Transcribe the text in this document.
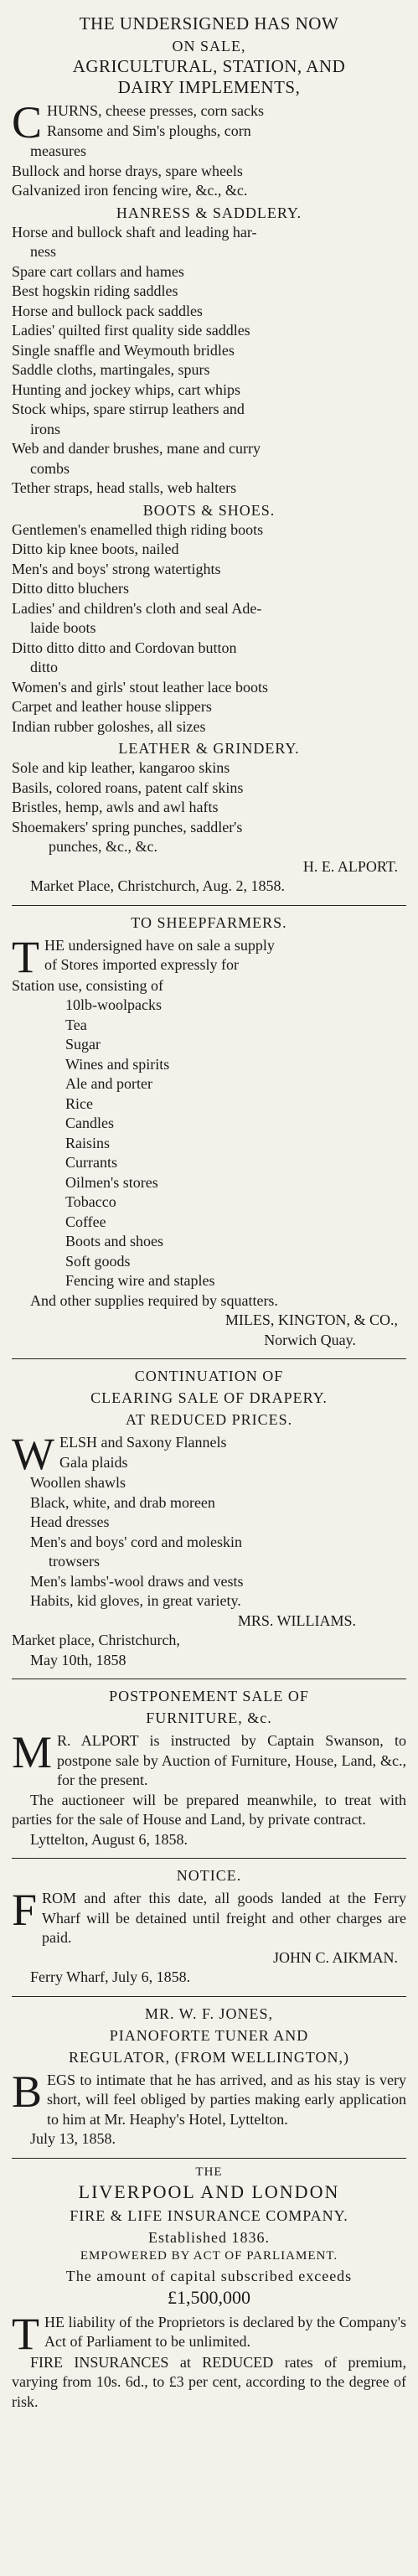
THE UNDERSIGNED HAS NOW
ON SALE,
AGRICULTURAL, STATION, AND
DAIRY IMPLEMENTS,
C HURNS, cheese presses, corn sacks
Ransome and Sim's ploughs, corn
measures
Bullock and horse drays, spare wheels
Galvanized iron fencing wire, &c., &c.
HANRESS & SADDLERY.
Horse and bullock shaft and leading har-
ness
Spare cart collars and hames
Best hogskin riding saddles
Horse and bullock pack saddles
Ladies' quilted first quality side saddles
Single snaffle and Weymouth bridles
Saddle cloths, martingales, spurs
Hunting and jockey whips, cart whips
Stock whips, spare stirrup leathers and
irons
Web and dander brushes, mane and curry
combs
Tether straps, head stalls, web halters
BOOTS & SHOES.
Gentlemen's enamelled thigh riding boots
Ditto kip knee boots, nailed
Men's and boys' strong watertights
Ditto ditto bluchers
Ladies' and children's cloth and seal Ade-
laide boots
Ditto ditto ditto and Cordovan button
ditto
Women's and girls' stout leather lace boots
Carpet and leather house slippers
Indian rubber goloshes, all sizes
LEATHER & GRINDERY.
Sole and kip leather, kangaroo skins
Basils, colored roans, patent calf skins
Bristles, hemp, awls and awl hafts
Shoemakers' spring punches, saddler's
punches, &c., &c.
H. E. ALPORT.
Market Place, Christchurch, Aug. 2, 1858.
TO SHEEPFARMERS.
T HE undersigned have on sale a supply
of Stores imported expressly for
Station use, consisting of
10lb-woolpacks
Tea
Sugar
Wines and spirits
Ale and porter
Rice
Candles
Raisins
Currants
Oilmen's stores
Tobacco
Coffee
Boots and shoes
Soft goods
Fencing wire and staples
And other supplies required by squatters.
MILES, KINGTON, & CO.,
Norwich Quay.
CONTINUATION OF
CLEARING SALE OF DRAPERY.
AT REDUCED PRICES.
W ELSH and Saxony Flannels
Gala plaids
Woollen shawls
Black, white, and drab moreen
Head dresses
Men's and boys' cord and moleskin
trowsers
Men's lambs'-wool draws and vests
Habits, kid gloves, in great variety.
MRS. WILLIAMS.
Market place, Christchurch,
May 10th, 1858
POSTPONEMENT SALE OF
FURNITURE, &c.
M R. ALPORT is instructed by Captain Swanson, to postpone sale by Auction of Furniture, House, Land, &c., for the present.
The auctioneer will be prepared meanwhile, to treat with parties for the sale of House and Land, by private contract.
Lyttelton, August 6, 1858.
NOTICE.
F ROM and after this date, all goods landed at the Ferry Wharf will be detained until freight and other charges are paid.
JOHN C. AIKMAN.
Ferry Wharf, July 6, 1858.
MR. W. F. JONES,
PIANOFORTE TUNER AND
REGULATOR, (FROM WELLINGTON,)
B EGS to intimate that he has arrived, and as his stay is very short, will feel obliged by parties making early application to him at Mr. Heaphy's Hotel, Lyttelton.
July 13, 1858.
THE
LIVERPOOL AND LONDON
FIRE & LIFE INSURANCE COMPANY.
Established 1836.
EMPOWERED BY ACT OF PARLIAMENT.
The amount of capital subscribed exceeds
£1,500,000
T HE liability of the Proprietors is declared by the Company's Act of Parliament to be unlimited.
FIRE INSURANCES at REDUCED rates of premium, varying from 10s. 6d., to £3 per cent, according to the degree of risk.
